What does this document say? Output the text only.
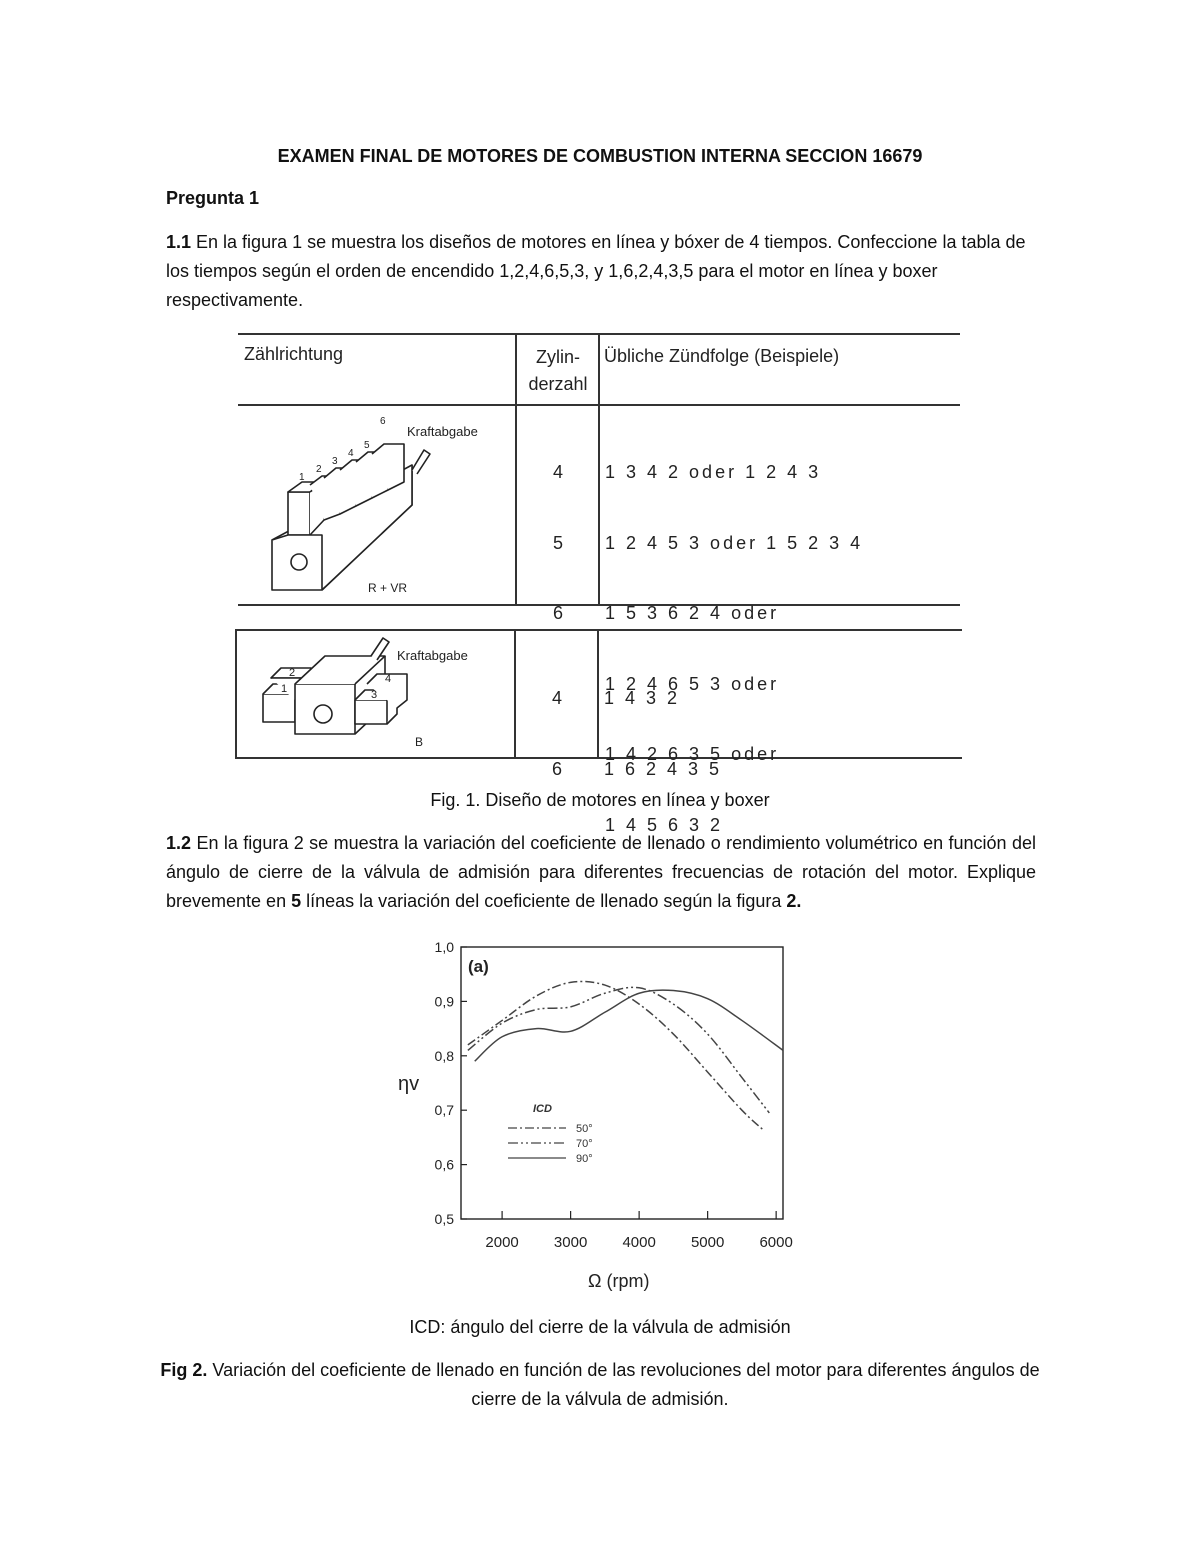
EXAMEN FINAL DE MOTORES DE COMBUSTION INTERNA SECCION 16679
Pregunta 1
1.1 En la figura 1 se muestra los diseños de motores en línea y bóxer de 4 tiempos. Confeccione la tabla de los tiempos según el orden de encendido 1,2,4,6,5,3, y 1,6,2,4,3,5 para el motor en línea y boxer respectivamente.
Zählrichtung	Zylin-
derzahl
Übliche Zündfolge (Beispiele)
1
2
3
4
5
6
Kraftabgabe
R + VR

4

5

6

1 3 4 2 oder 1 2 4 3

1 2 4 5 3 oder 1 5 2 3 4

1 5 3 6 2 4 oder

1 2 4 6 5 3 oder

1 4 2 6 3 5 oder

1 4 5 6 3 2

1
2
3
4
Kraftabgabe
B

4

6

1 4 3 2

1 6 2 4 3 5

Fig. 1. Diseño de motores en línea y boxer
1.2 En la figura 2 se muestra la variación del coeficiente de llenado o rendimiento volumétrico en función del ángulo de cierre de la válvula de admisión para diferentes frecuencias de rotación del motor. Explique brevemente en 5 líneas la variación del coeficiente de llenado según la figura 2.
2000 3000 4000 5000 6000
0,5
0,6
0,7
0,8
0,9
1,0
(a)
ηv
Ω (rpm)
ICD
50°
70°
90°
ICD: ángulo del cierre de la válvula de admisión
Fig 2. Variación del coeficiente de llenado en función de las revoluciones del motor para diferentes ángulos de cierre de la válvula de admisión.
